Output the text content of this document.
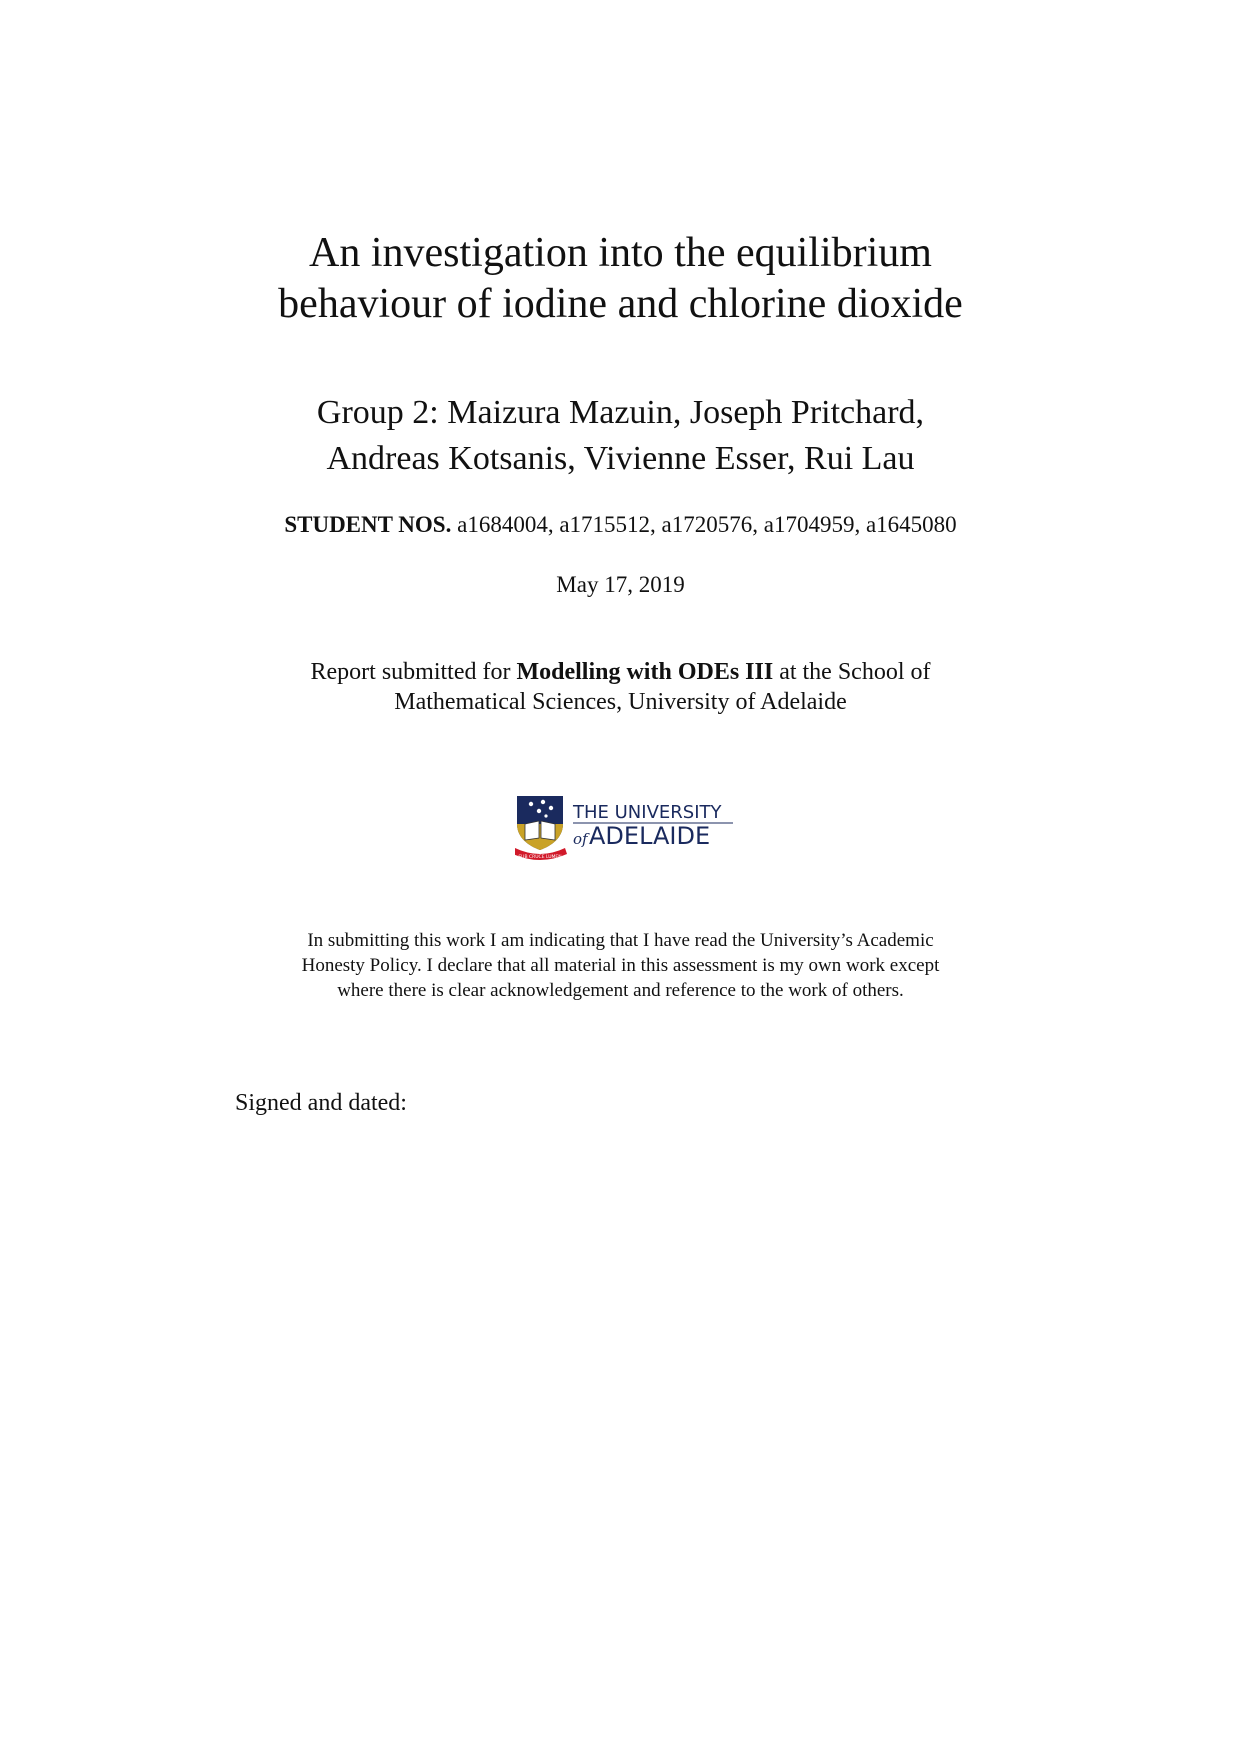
An investigation into the equilibrium
behaviour of iodine and chlorine dioxide
Group 2: Maizura Mazuin, Joseph Pritchard,
Andreas Kotsanis, Vivienne Esser, Rui Lau
STUDENT NOS. a1684004, a1715512, a1720576, a1704959, a1645080
May 17, 2019
Report submitted for Modelling with ODEs III at the School of
Mathematical Sciences, University of Adelaide
SUB CRUCE LUMEN
THE UNIVERSITY
of ADELAIDE
In submitting this work I am indicating that I have read the University’s Academic
Honesty Policy. I declare that all material in this assessment is my own work except
where there is clear acknowledgement and reference to the work of others.
Signed and dated:
